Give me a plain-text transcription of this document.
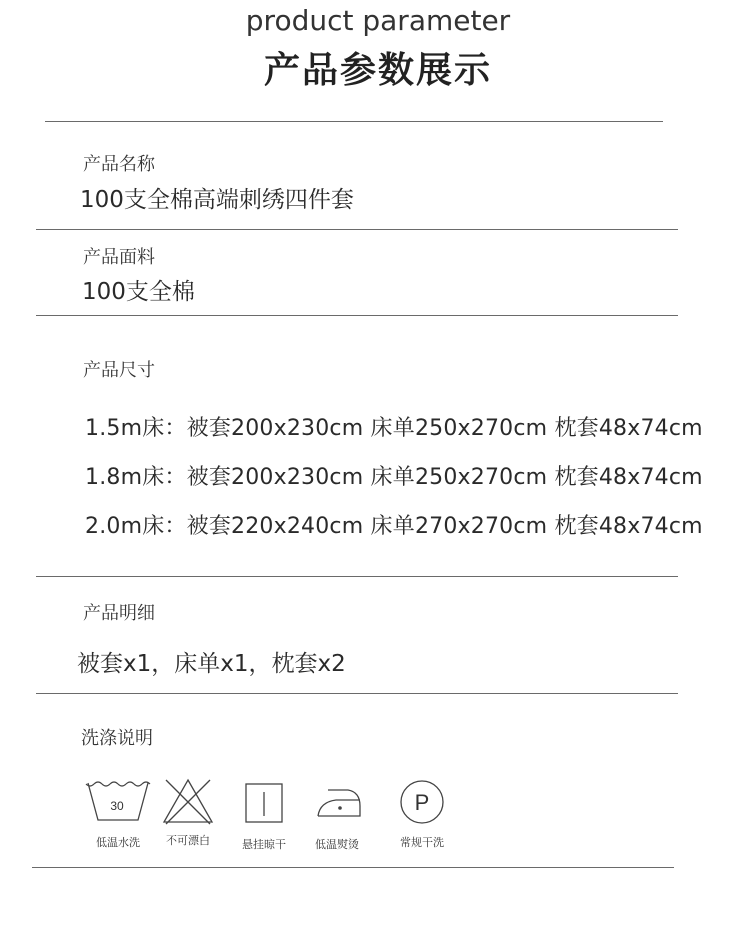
product parameter
产品参数展示
产品名称
100支全棉高端刺绣四件套
产品面料
100支全棉
产品尺寸
1.5m床：被套200x230cm 床单250x270cm 枕套48x74cm
1.8m床：被套200x230cm 床单250x270cm 枕套48x74cm
2.0m床：被套220x240cm 床单270x270cm 枕套48x74cm
产品明细
被套x1，床单x1，枕套x2
洗涤说明
30
低温水洗	不可漂白	悬挂晾干	低温熨烫
P
常规干洗
